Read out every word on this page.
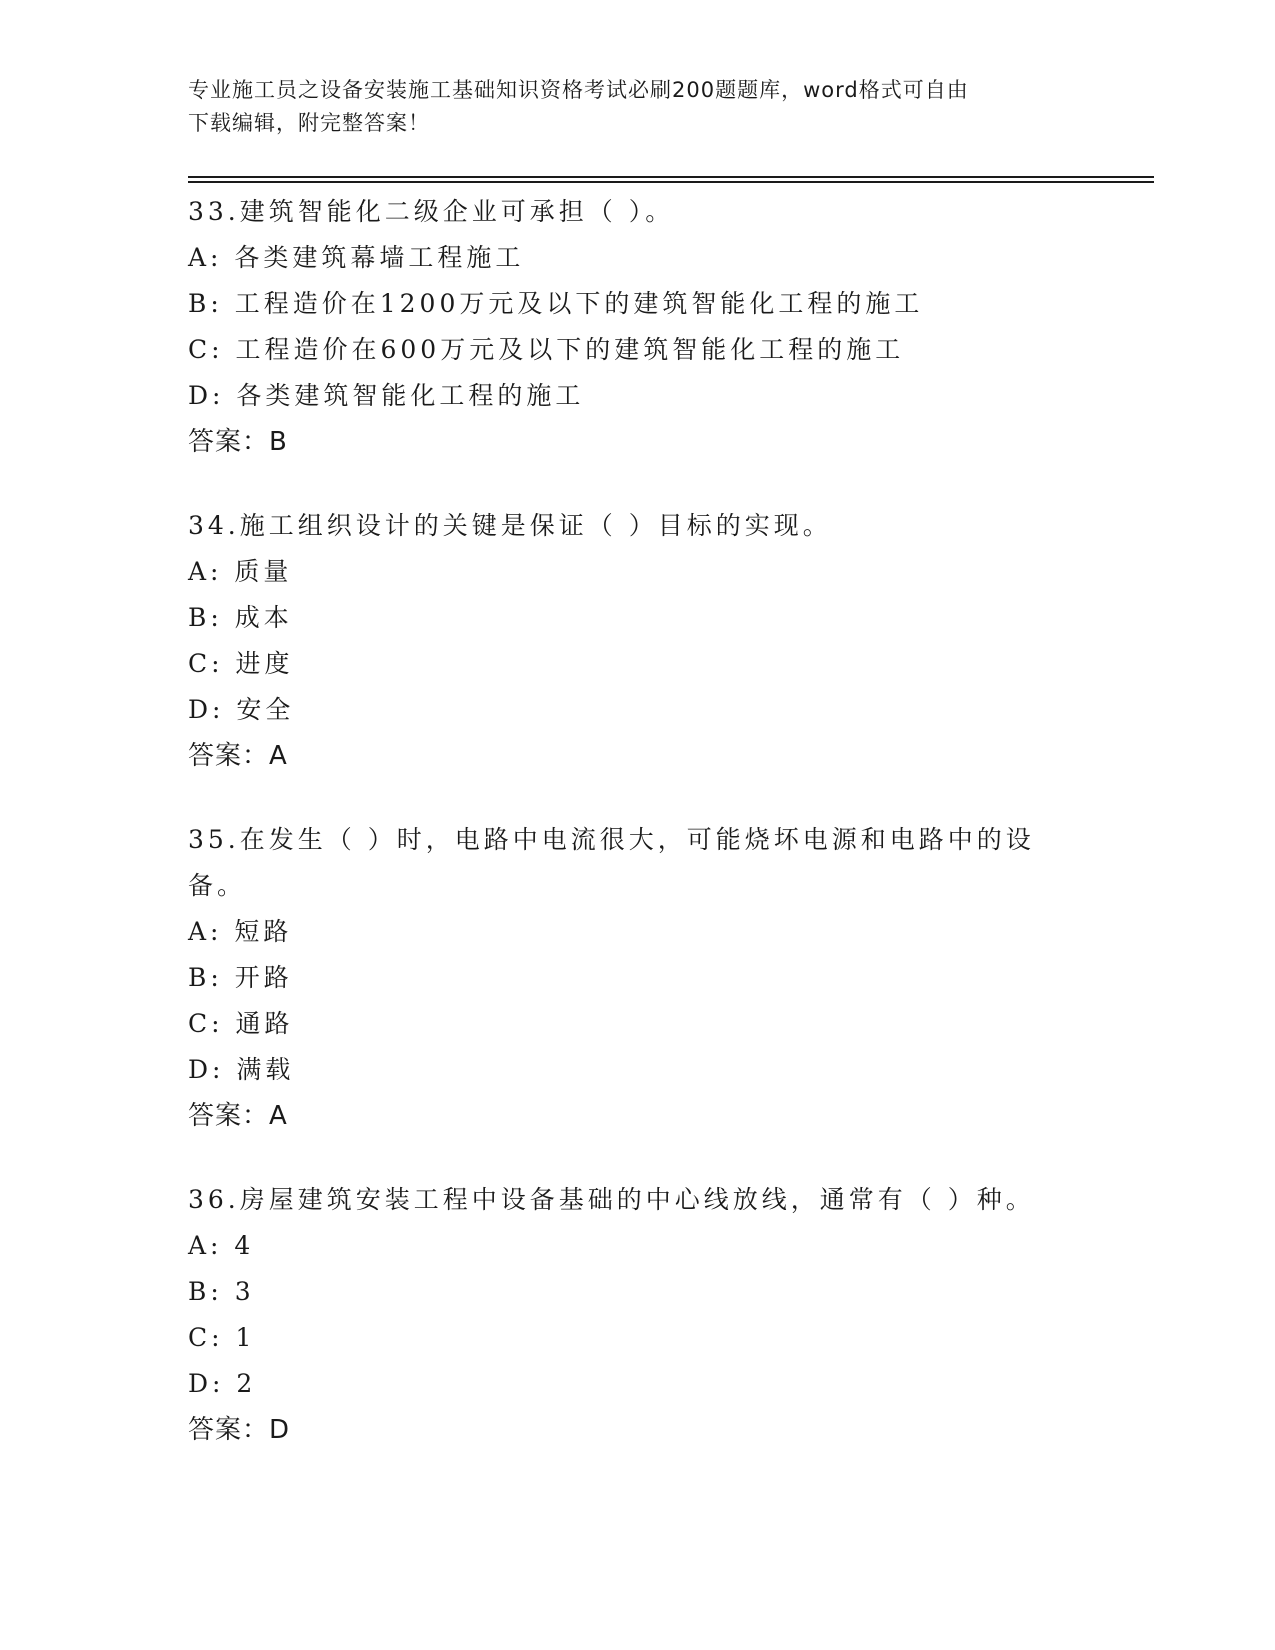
专业施工员之设备安装施工基础知识资格考试必刷200题题库，word格式可自由
下载编辑，附完整答案！
33.建筑智能化二级企业可承担（ ）。
A: 各类建筑幕墙工程施工
B: 工程造价在1200万元及以下的建筑智能化工程的施工
C: 工程造价在600万元及以下的建筑智能化工程的施工
D: 各类建筑智能化工程的施工
答案：B
34.施工组织设计的关键是保证（ ）目标的实现。
A: 质量
B: 成本
C: 进度
D: 安全
答案：A
35.在发生（ ）时，电路中电流很大，可能烧坏电源和电路中的设备。
A: 短路
B: 开路
C: 通路
D: 满载
答案：A
36.房屋建筑安装工程中设备基础的中心线放线，通常有（ ）种。
A: 4
B: 3
C: 1
D: 2
答案：D
